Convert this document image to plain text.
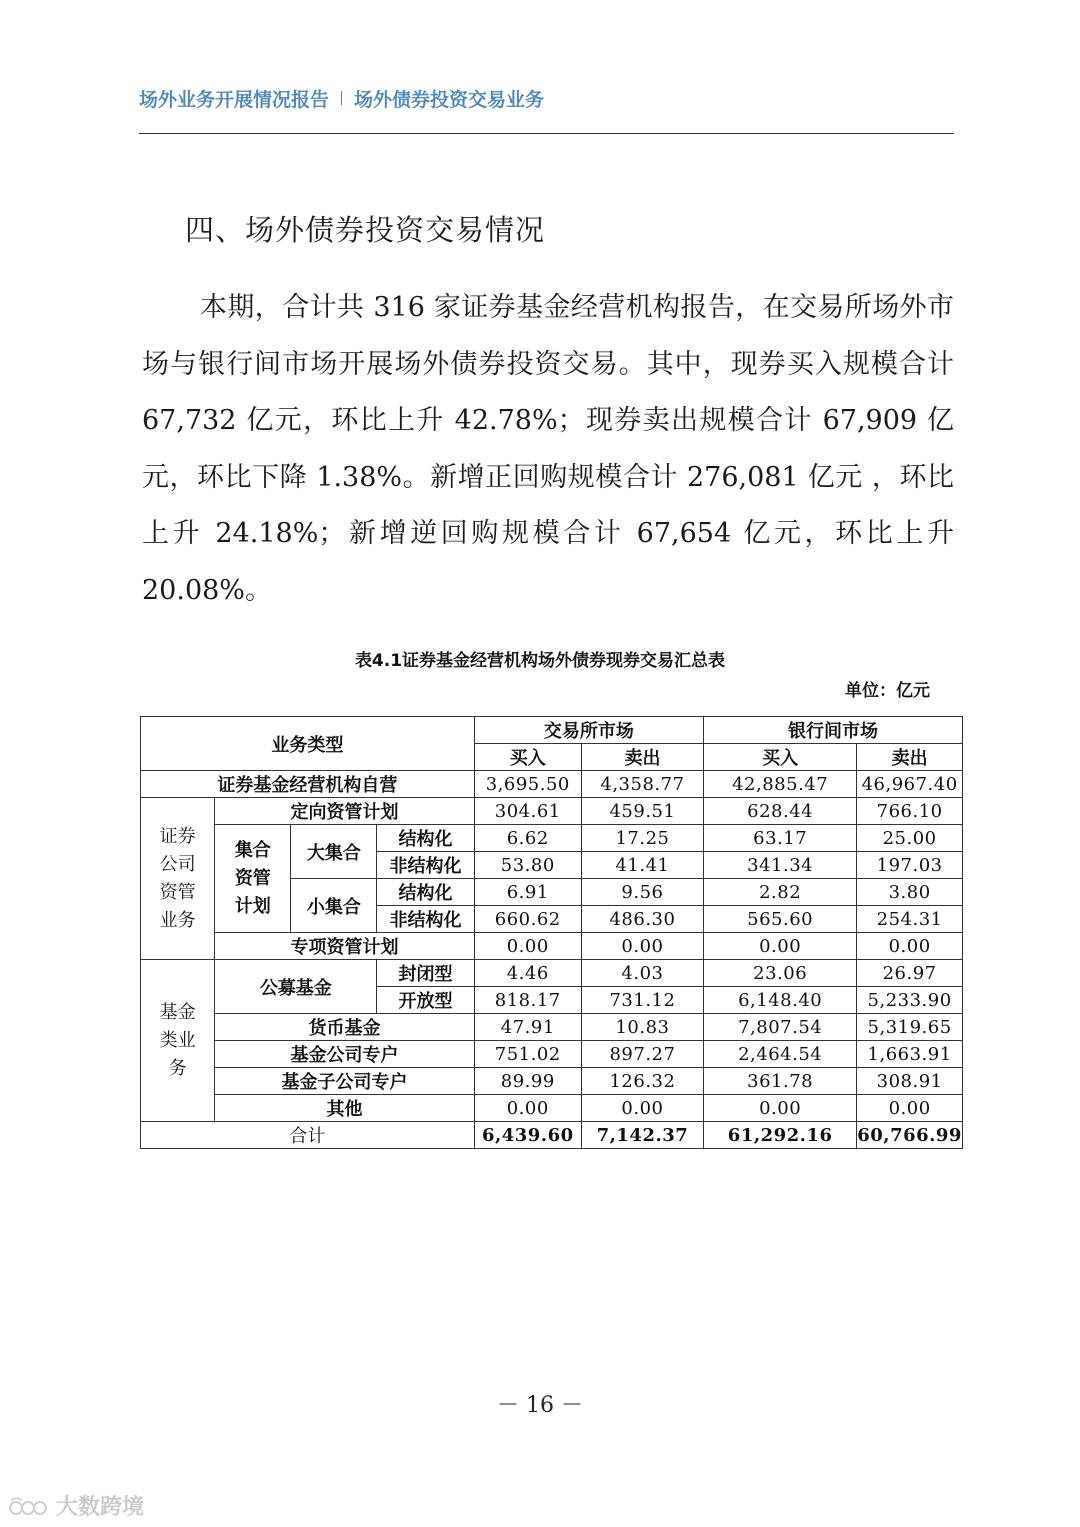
场外业务开展情况报告 场外债券投资交易业务
四、场外债券投资交易情况
本期，合计共 316 家证券基金经营机构报告，在交易所场外市场与银行间市场开展场外债券投资交易。其中，现券买入规模合计 67,732 亿元，环比上升 42.78%；现券卖出规模合计 67,909 亿元，环比下降 1.38%。新增正回购规模合计 276,081 亿元 ，环比上升 24.18%；新增逆回购规模合计 67,654 亿元，环比上升 20.08%。
表4.1证券基金经营机构场外债券现券交易汇总表
单位：亿元
业务类型				交易所市场		银行间市场	
				买入	卖出	买入	卖出
证券基金经营机构自营				3,695.50	4,358.77	42,885.47	46,967.40

证券公司资管业务	定向资管计划			304.61	459.51	628.44	766.10

	集合资管计划	大集合	结构化	6.62	17.25	63.17	25.00
			非结构化	53.80	41.41	341.34	197.03
		小集合	结构化	6.91	9.56	2.82	3.80
			非结构化	660.62	486.30	565.60	254.31
	专项资管计划			0.00	0.00	0.00	0.00

基金类业务	公募基金		封闭型	4.46	4.03	23.06	26.97
			开放型	818.17	731.12	6,148.40	5,233.90
	货币基金			47.91	10.83	7,807.54	5,319.65
	基金公司专户			751.02	897.27	2,464.54	1,663.91
	基金子公司专户			89.99	126.32	361.78	308.91
	其他			0.00	0.00	0.00	0.00
合计				6,439.60	7,142.37	61,292.16	60,766.99
－ 16 －
大数跨境
